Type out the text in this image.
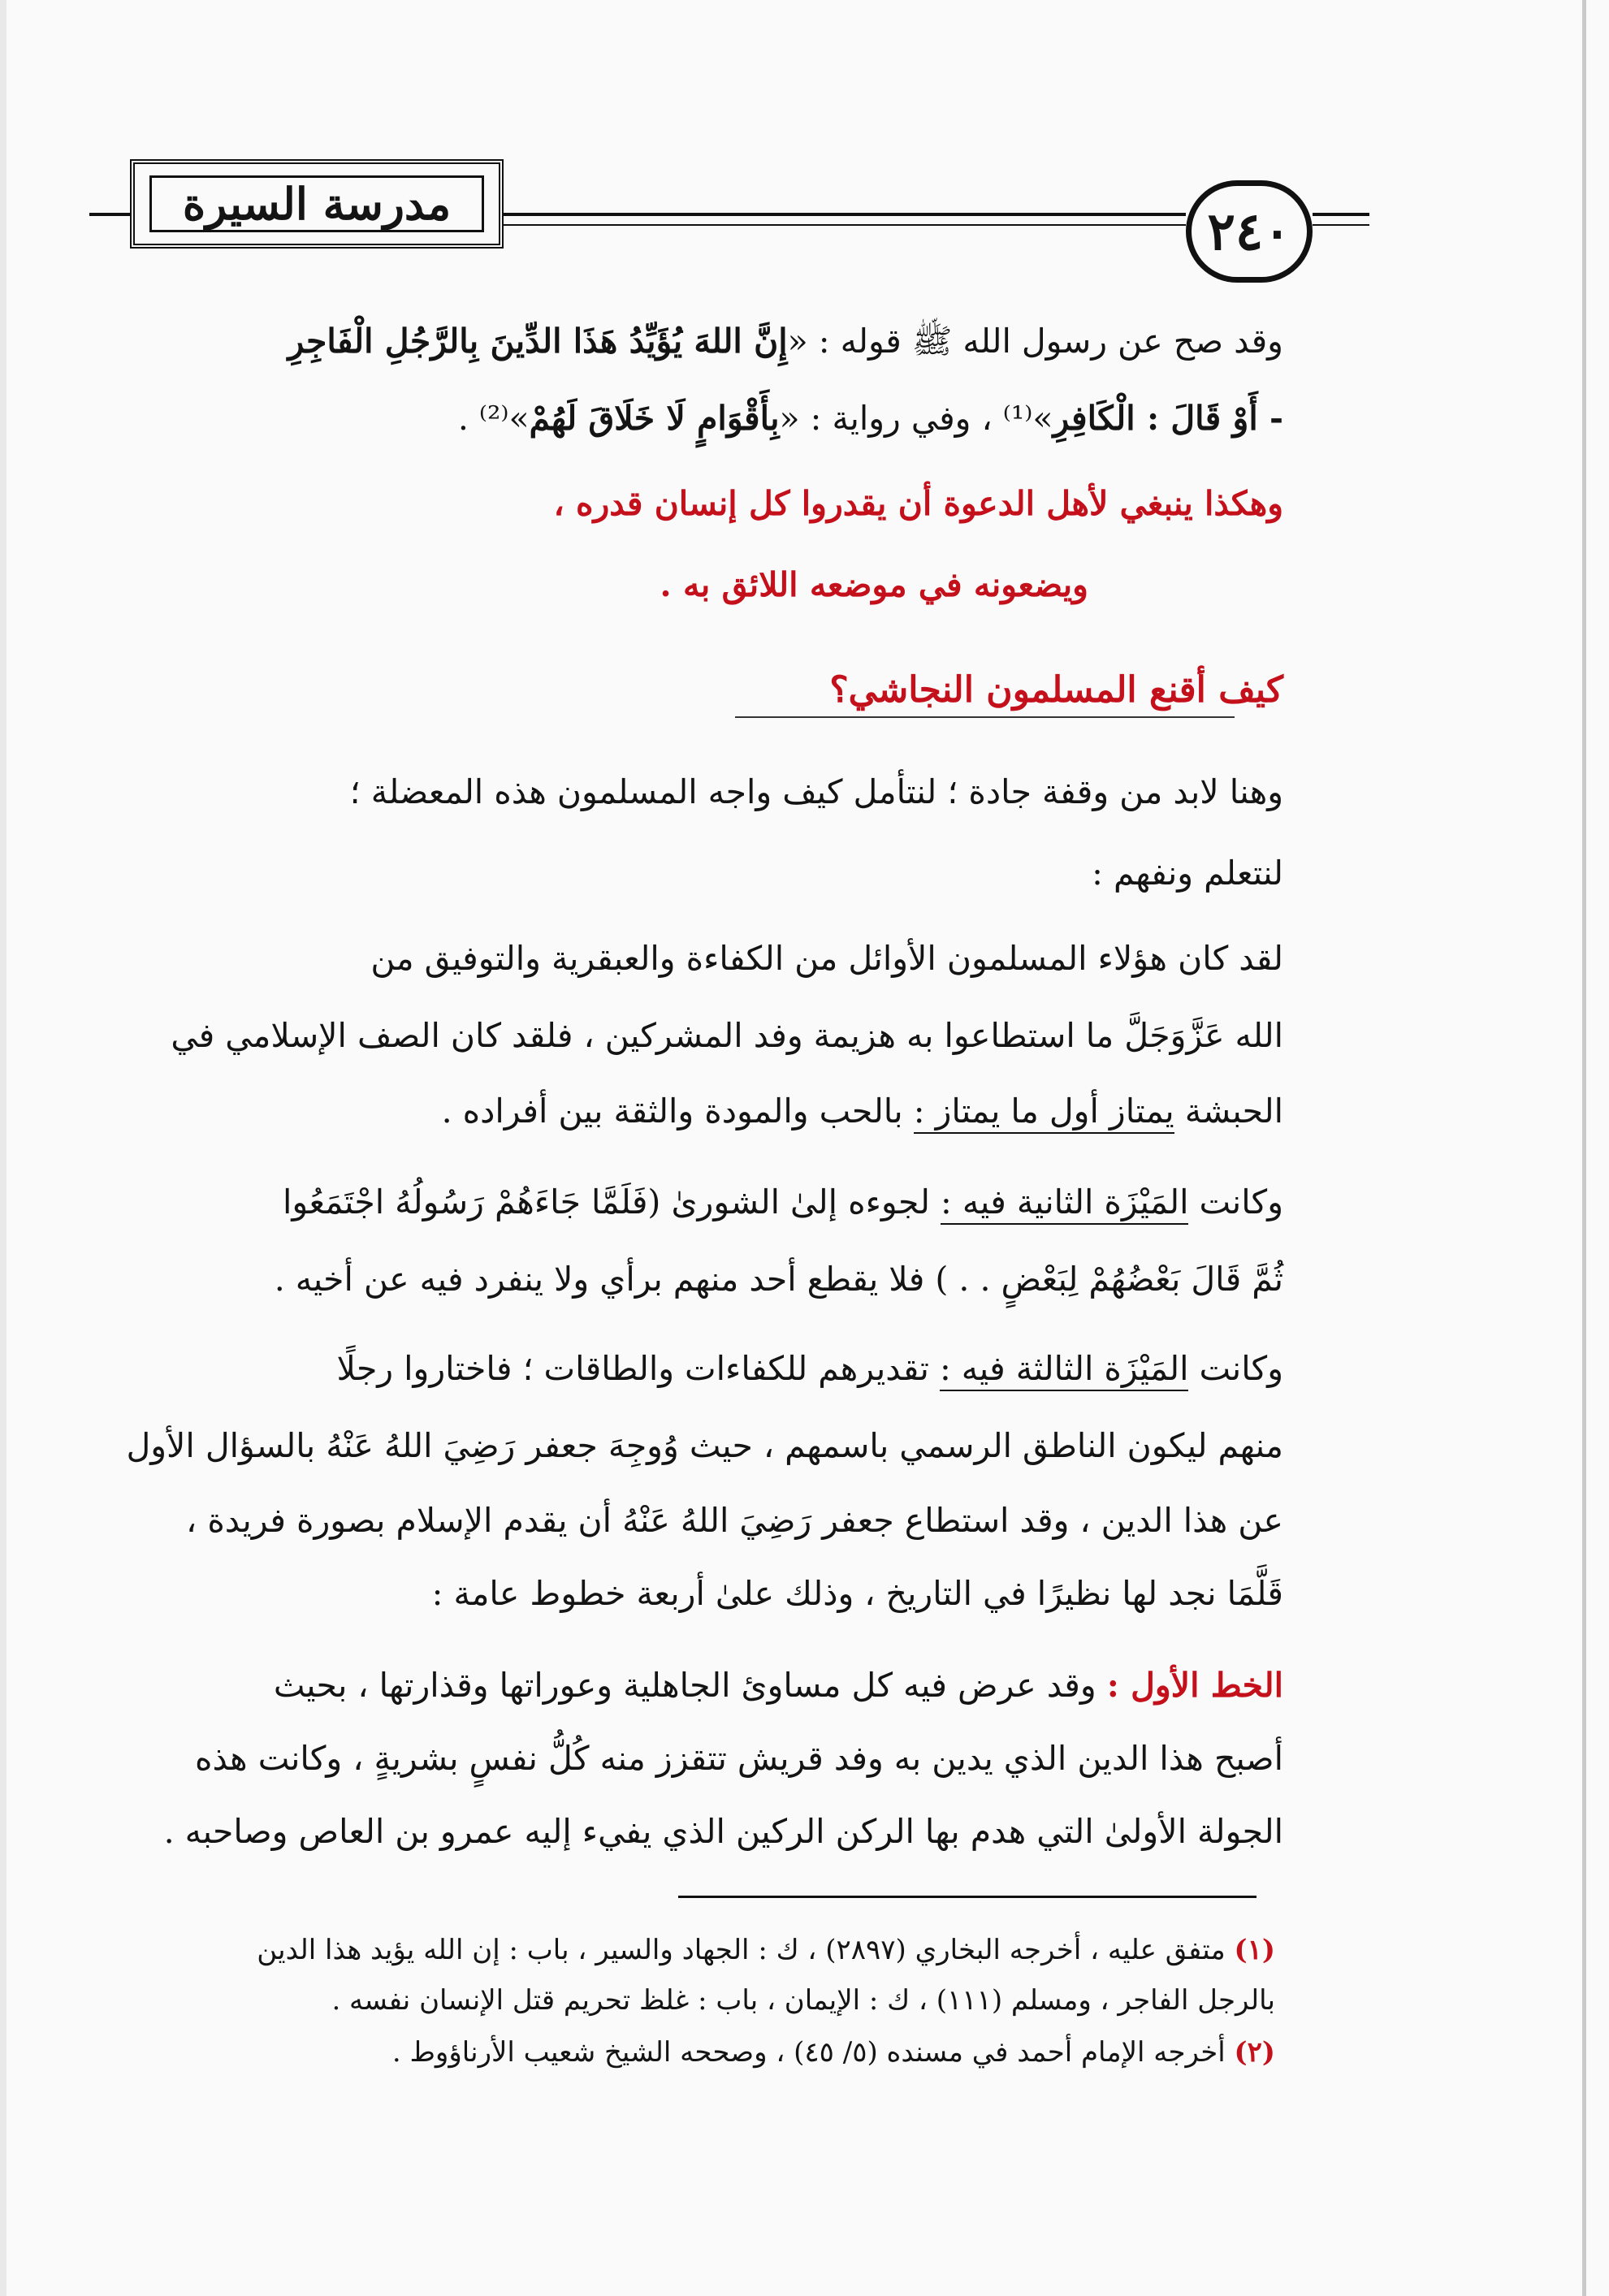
٢٤٠
مدرسة السيرة
وقد صح عن رسول الله ﷺ قوله : «إِنَّ اللهَ يُؤَيِّدُ هَذَا الدِّينَ بِالرَّجُلِ الْفَاجِرِ
- أَوْ قَالَ : الْكَافِرِ»⁽¹⁾ ، وفي رواية : «بِأَقْوَامٍ لَا خَلَاقَ لَهُمْ»⁽²⁾ .
وهكذا ينبغي لأهل الدعوة أن يقدروا كل إنسان قدره ،
ويضعونه في موضعه اللائق به .
كيف أقنع المسلمون النجاشي؟
وهنا لابد من وقفة جادة ؛ لنتأمل كيف واجه المسلمون هذه المعضلة ؛
لنتعلم ونفهم :
لقد كان هؤلاء المسلمون الأوائل من الكفاءة والعبقرية والتوفيق من
الله عَزَّوَجَلَّ ما استطاعوا به هزيمة وفد المشركين ، فلقد كان الصف الإسلامي في
الحبشة يمتاز أول ما يمتاز : بالحب والمودة والثقة بين أفراده .
وكانت المَيْزَة الثانية فيه : لجوءه إلىٰ الشورىٰ (فَلَمَّا جَاءَهُمْ رَسُولُهُ اجْتَمَعُوا
ثُمَّ قَالَ بَعْضُهُمْ لِبَعْضٍ . . ) فلا يقطع أحد منهم برأي ولا ينفرد فيه عن أخيه .
وكانت المَيْزَة الثالثة فيه : تقديرهم للكفاءات والطاقات ؛ فاختاروا رجلًا
منهم ليكون الناطق الرسمي باسمهم ، حيث وُوجِهَ جعفر رَضِيَ اللهُ عَنْهُ بالسؤال الأول
عن هذا الدين ، وقد استطاع جعفر رَضِيَ اللهُ عَنْهُ أن يقدم الإسلام بصورة فريدة ،
قَلَّمَا نجد لها نظيرًا في التاريخ ، وذلك علىٰ أربعة خطوط عامة :
الخط الأول : وقد عرض فيه كل مساوئ الجاهلية وعوراتها وقذارتها ، بحيث
أصبح هذا الدين الذي يدين به وفد قريش تتقزز منه كُلُّ نفسٍ بشريةٍ ، وكانت هذه
الجولة الأولىٰ التي هدم بها الركن الركين الذي يفيء إليه عمرو بن العاص وصاحبه .
(١) متفق عليه ، أخرجه البخاري (٢٨٩٧) ، ك : الجهاد والسير ، باب : إن الله يؤيد هذا الدين
بالرجل الفاجر ، ومسلم (١١١) ، ك : الإيمان ، باب : غلظ تحريم قتل الإنسان نفسه .
(٢) أخرجه الإمام أحمد في مسنده (٥/ ٤٥) ، وصححه الشيخ شعيب الأرناؤوط .
